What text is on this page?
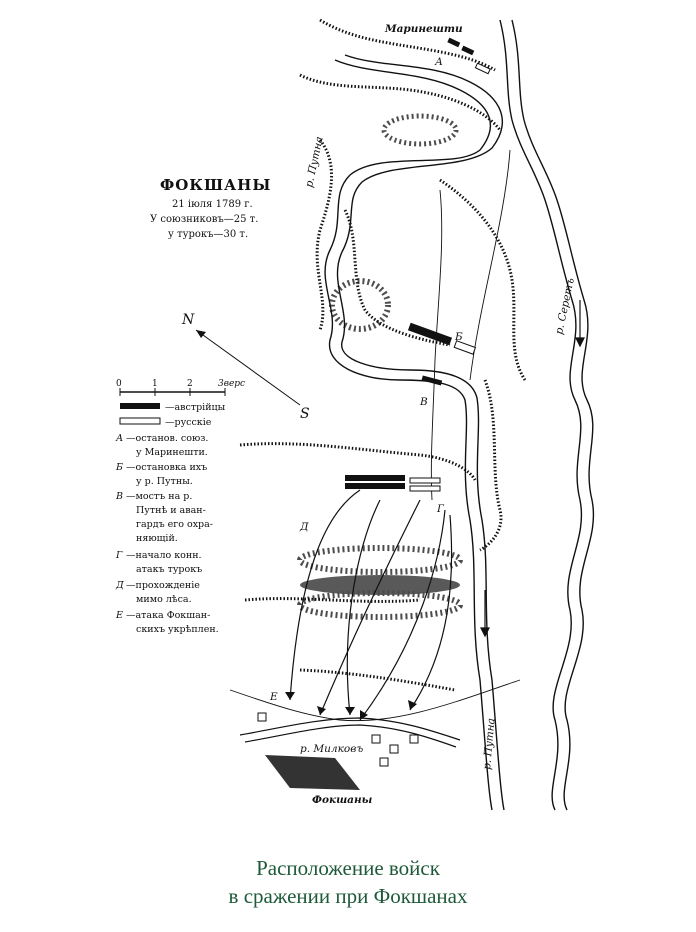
N
S
ФОКШАНЫ
21 іюля 1789 г.
У союзниковъ—25 т.
у турокъ—30 т.
0	1	2	3верс
—австрійцы
—русскіе
А —останов. союз.
у Маринешти.
Б —остановка ихъ
у р. Путны.
В —мостъ на р.
Путнѣ и аван-
гардъ его охра-
няющій.
Г —начало конн.
атакъ турокъ
Д —прохожденіе
мимо лѣса.
Е —атака Фокшан-
скихъ укрѣплен.
Маринешти
р. Путна
р. Серетъ
р. Путна
р. Милковъ
Фокшаны
А
Б
В
Г
Д
Е
Расположение войск
в сражении при Фокшанах
